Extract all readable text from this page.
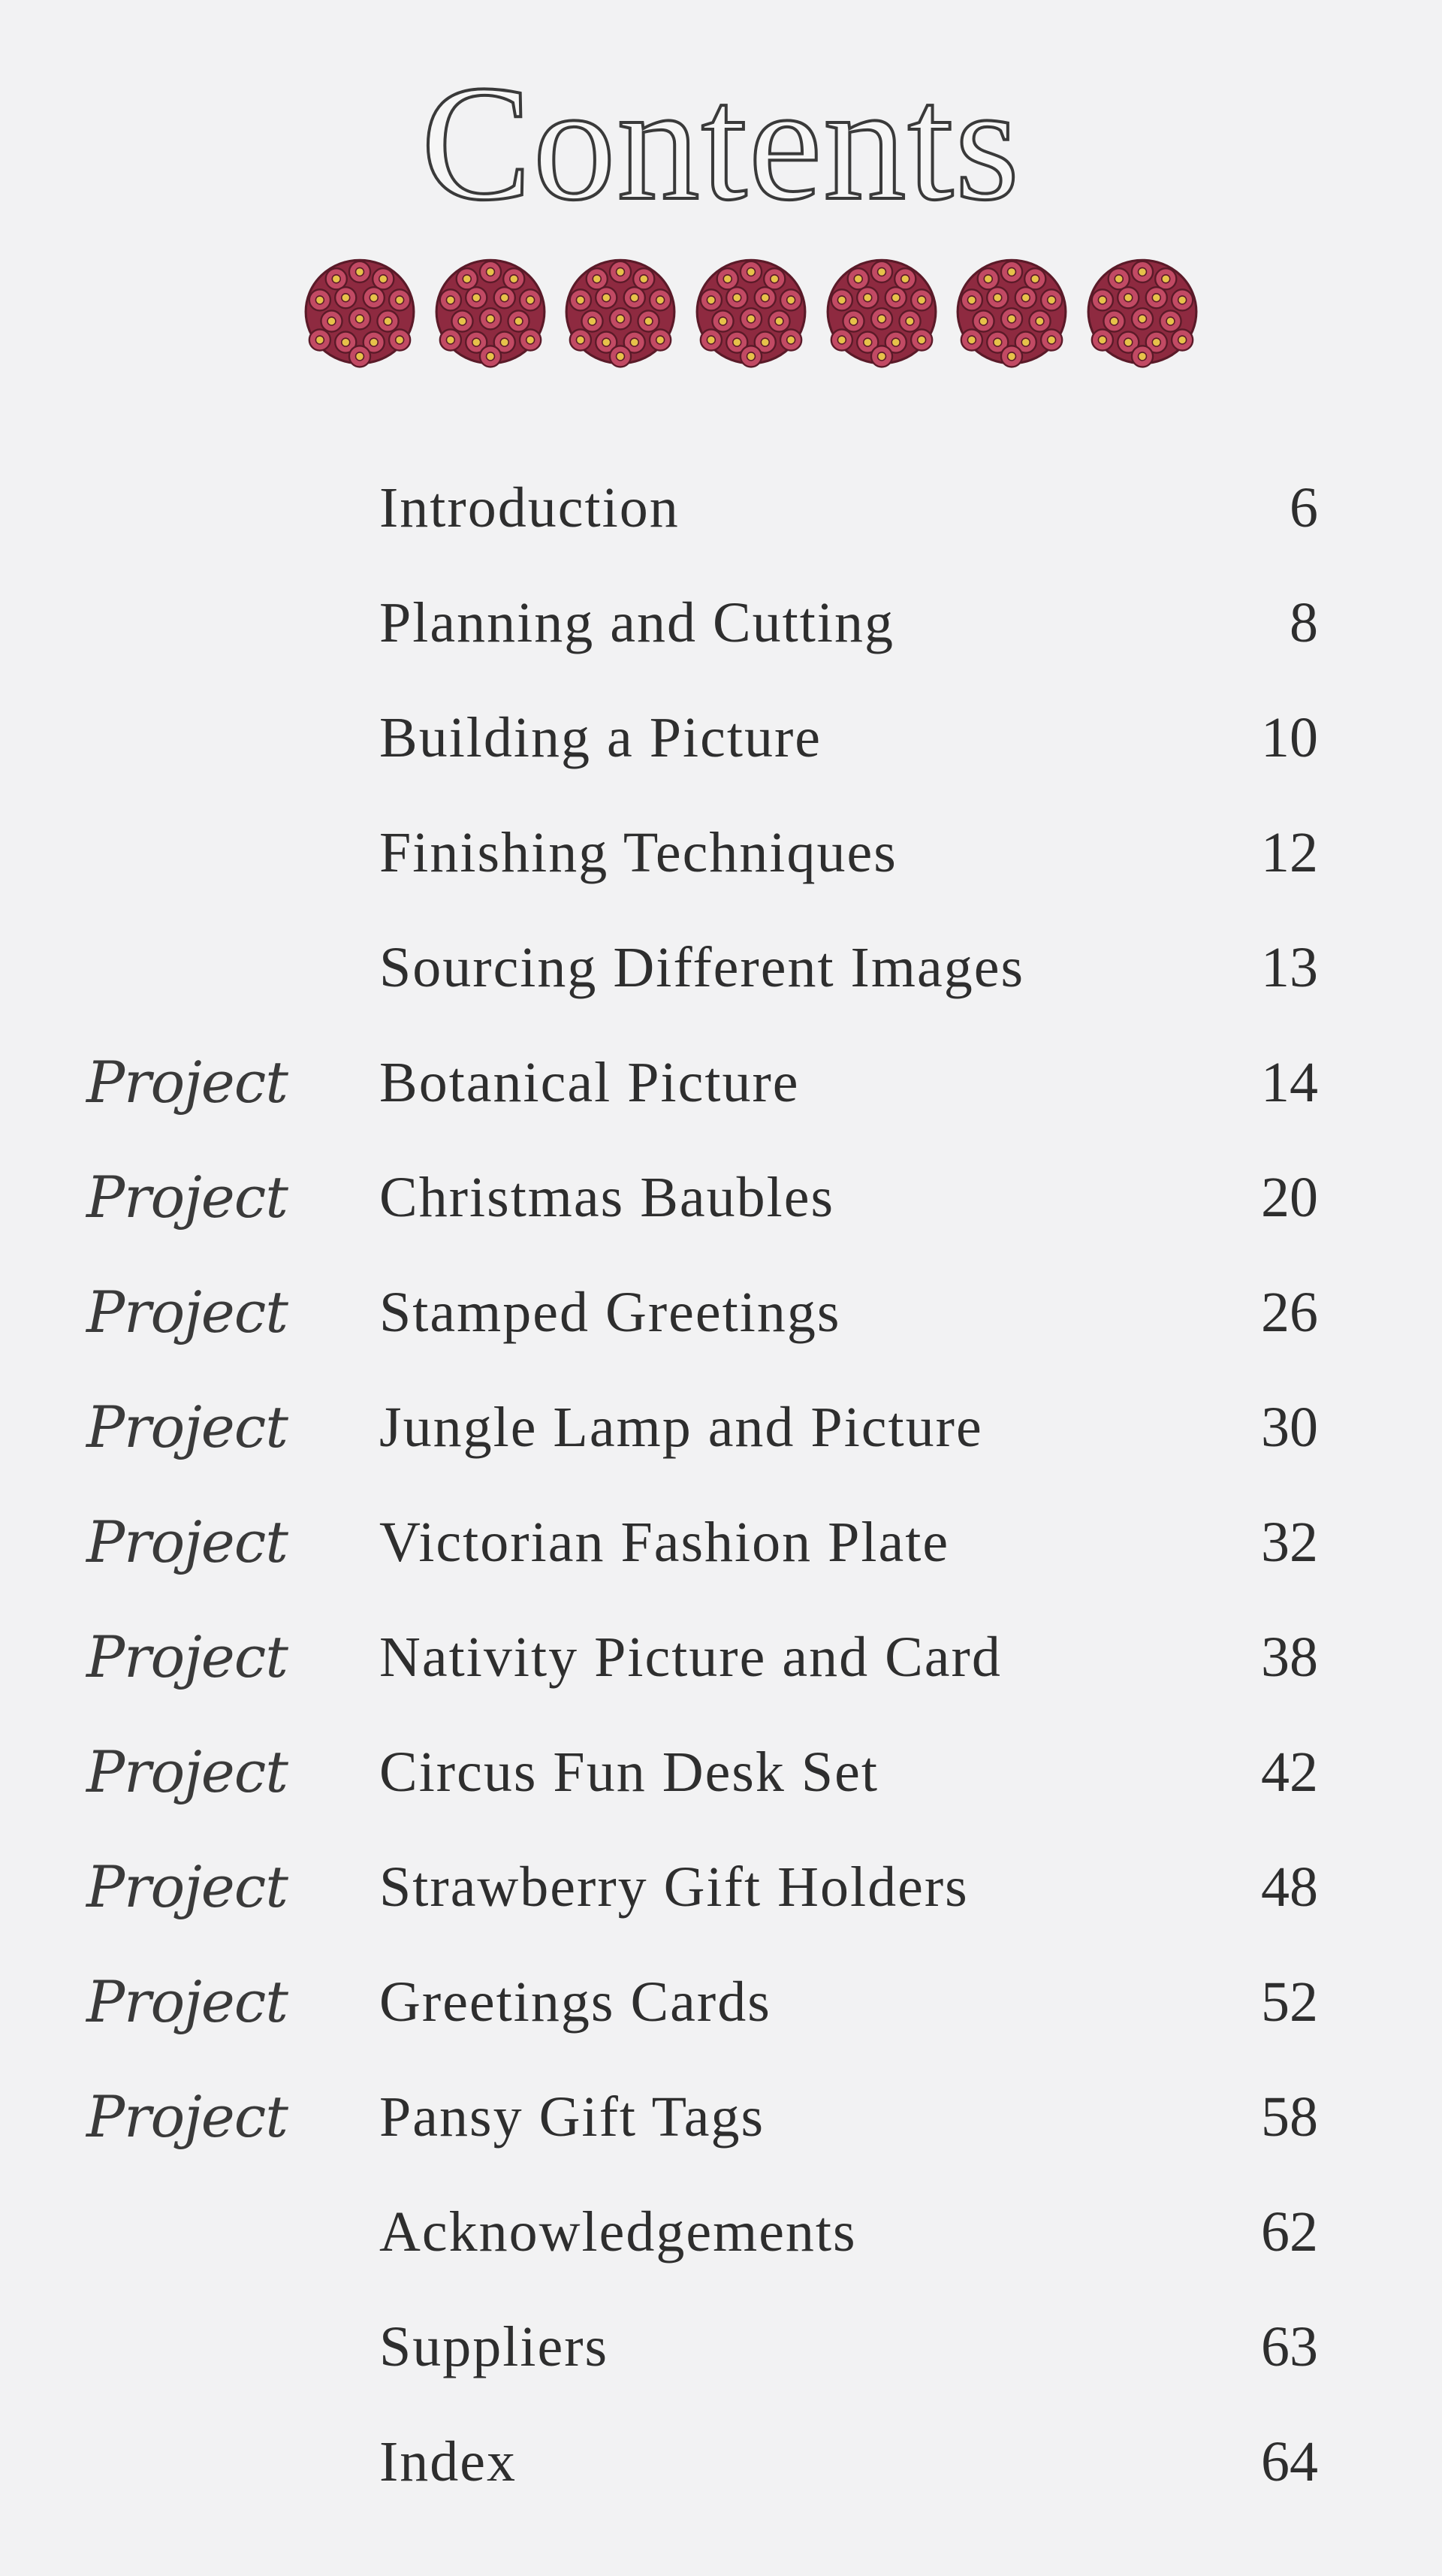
Contents
Introduction	6
Planning and Cutting	8
Building a Picture	10
Finishing Techniques	12
Sourcing Different Images	13
Project Botanical Picture	14
Project Christmas Baubles	20
Project Stamped Greetings	26
Project Jungle Lamp and Picture	30
Project Victorian Fashion Plate	32
Project Nativity Picture and Card	38
Project Circus Fun Desk Set	42
Project Strawberry Gift Holders	48
Project Greetings Cards	52
Project Pansy Gift Tags	58
Acknowledgements	62
Suppliers	63
Index	64
